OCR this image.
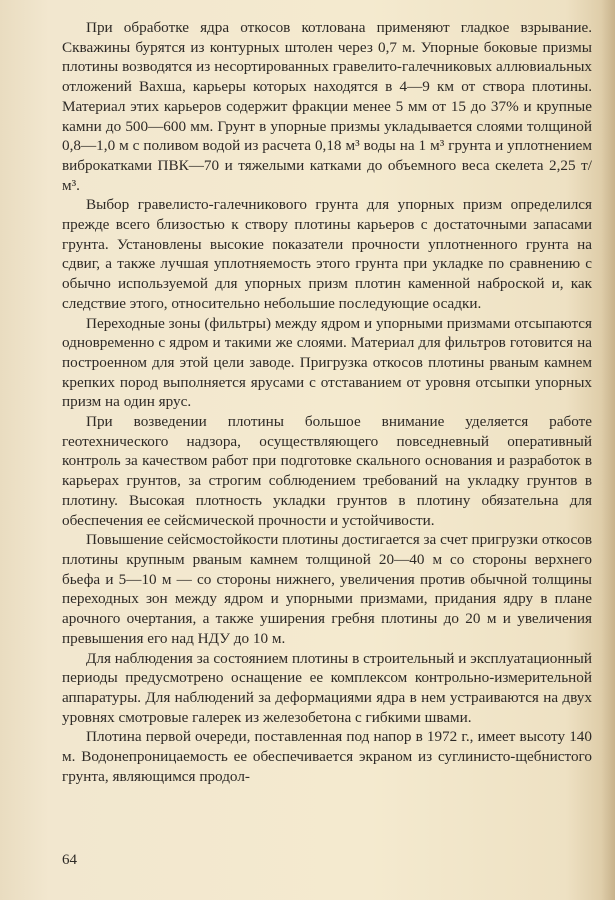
При обработке ядра откосов котлована применяют гладкое взрывание. Скважины бурятся из контурных штолен через 0,7 м. Упорные боковые призмы плотины возводятся из несортированных гравелито-галечниковых аллювиальных отложений Вахша, карьеры которых находятся в 4—9 км от створа плотины. Материал этих карьеров содержит фракции менее 5 мм от 15 до 37% и крупные камни до 500—600 мм. Грунт в упорные призмы укладывается слоями толщиной 0,8—1,0 м с поливом водой из расчета 0,18 м³ воды на 1 м³ грунта и уплотнением виброкатками ПВК—70 и тяжелыми катками до объемного веса скелета 2,25 т/м³.

Выбор гравелисто-галечникового грунта для упорных призм определился прежде всего близостью к створу плотины карьеров с достаточными запасами грунта. Установлены высокие показатели прочности уплотненного грунта на сдвиг, а также лучшая уплотняемость этого грунта при укладке по сравнению с обычно используемой для упорных призм плотин каменной наброской и, как следствие этого, относительно небольшие последующие осадки.

Переходные зоны (фильтры) между ядром и упорными призмами отсыпаются одновременно с ядром и такими же слоями. Материал для фильтров готовится на построенном для этой цели заводе. Пригрузка откосов плотины рваным камнем крепких пород выполняется ярусами с отставанием от уровня отсыпки упорных призм на один ярус.

При возведении плотины большое внимание уделяется работе геотехнического надзора, осуществляющего повседневный оперативный контроль за качеством работ при подготовке скального основания и разработок в карьерах грунтов, за строгим соблюдением требований на укладку грунтов в плотину. Высокая плотность укладки грунтов в плотину обязательна для обеспечения ее сейсмической прочности и устойчивости.

Повышение сейсмостойкости плотины достигается за счет пригрузки откосов плотины крупным рваным камнем толщиной 20—40 м со стороны верхнего бьефа и 5—10 м — со стороны нижнего, увеличения против обычной толщины переходных зон между ядром и упорными призмами, придания ядру в плане арочного очертания, а также уширения гребня плотины до 20 м и увеличения превышения его над НДУ до 10 м.

Для наблюдения за состоянием плотины в строительный и эксплуатационный периоды предусмотрено оснащение ее комплексом контрольно-измерительной аппаратуры. Для наблюдений за деформациями ядра в нем устраиваются на двух уровнях смотровые галерек из железобетона с гибкими швами.

Плотина первой очереди, поставленная под напор в 1972 г., имеет высоту 140 м. Водонепроницаемость ее обеспечивается экраном из суглинисто-щебнистого грунта, являющимся продол-

64
